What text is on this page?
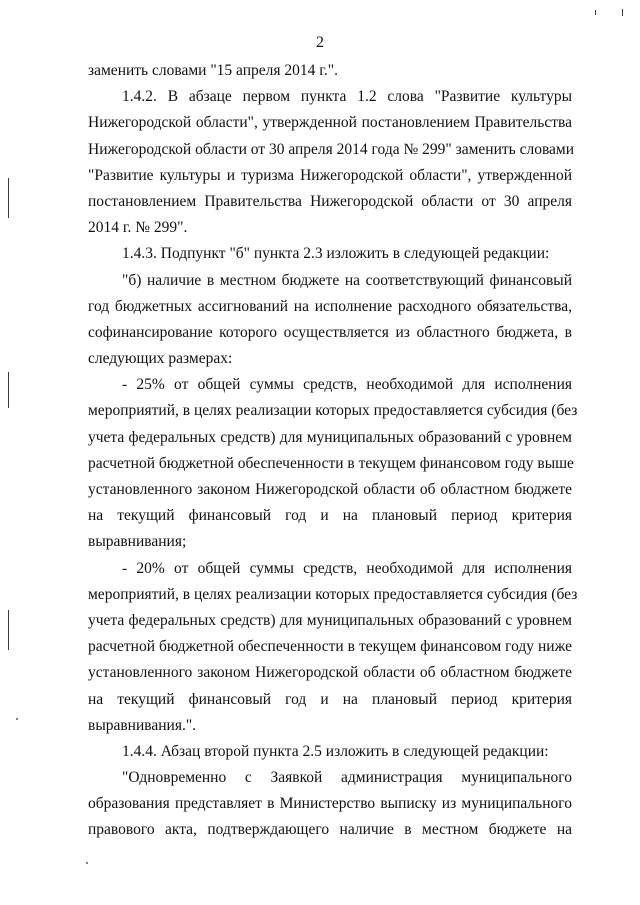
2
заменить словами "15 апреля 2014 г.".
1.4.2. В абзаце первом пункта 1.2 слова "Развитие культуры
Нижегородской области", утвержденной постановлением Правительства
Нижегородской области от 30 апреля 2014 года № 299" заменить словами
"Развитие культуры и туризма Нижегородской области", утвержденной
постановлением Правительства Нижегородской области от 30 апреля
2014 г. № 299".
1.4.3. Подпункт "б" пункта 2.3 изложить в следующей редакции:
"б) наличие в местном бюджете на соответствующий финансовый
год бюджетных ассигнований на исполнение расходного обязательства,
софинансирование которого осуществляется из областного бюджета, в
следующих размерах:
- 25% от общей суммы средств, необходимой для исполнения
мероприятий, в целях реализации которых предоставляется субсидия (без
учета федеральных средств) для муниципальных образований с уровнем
расчетной бюджетной обеспеченности в текущем финансовом году выше
установленного законом Нижегородской области об областном бюджете
на текущий финансовый год и на плановый период критерия
выравнивания;
- 20% от общей суммы средств, необходимой для исполнения
мероприятий, в целях реализации которых предоставляется субсидия (без
учета федеральных средств) для муниципальных образований с уровнем
расчетной бюджетной обеспеченности в текущем финансовом году ниже
установленного законом Нижегородской области об областном бюджете
на текущий финансовый год и на плановый период критерия
выравнивания.".
1.4.4. Абзац второй пункта 2.5 изложить в следующей редакции:
"Одновременно с Заявкой администрация муниципального
образования представляет в Министерство выписку из муниципального
правового акта, подтверждающего наличие в местном бюджете на
